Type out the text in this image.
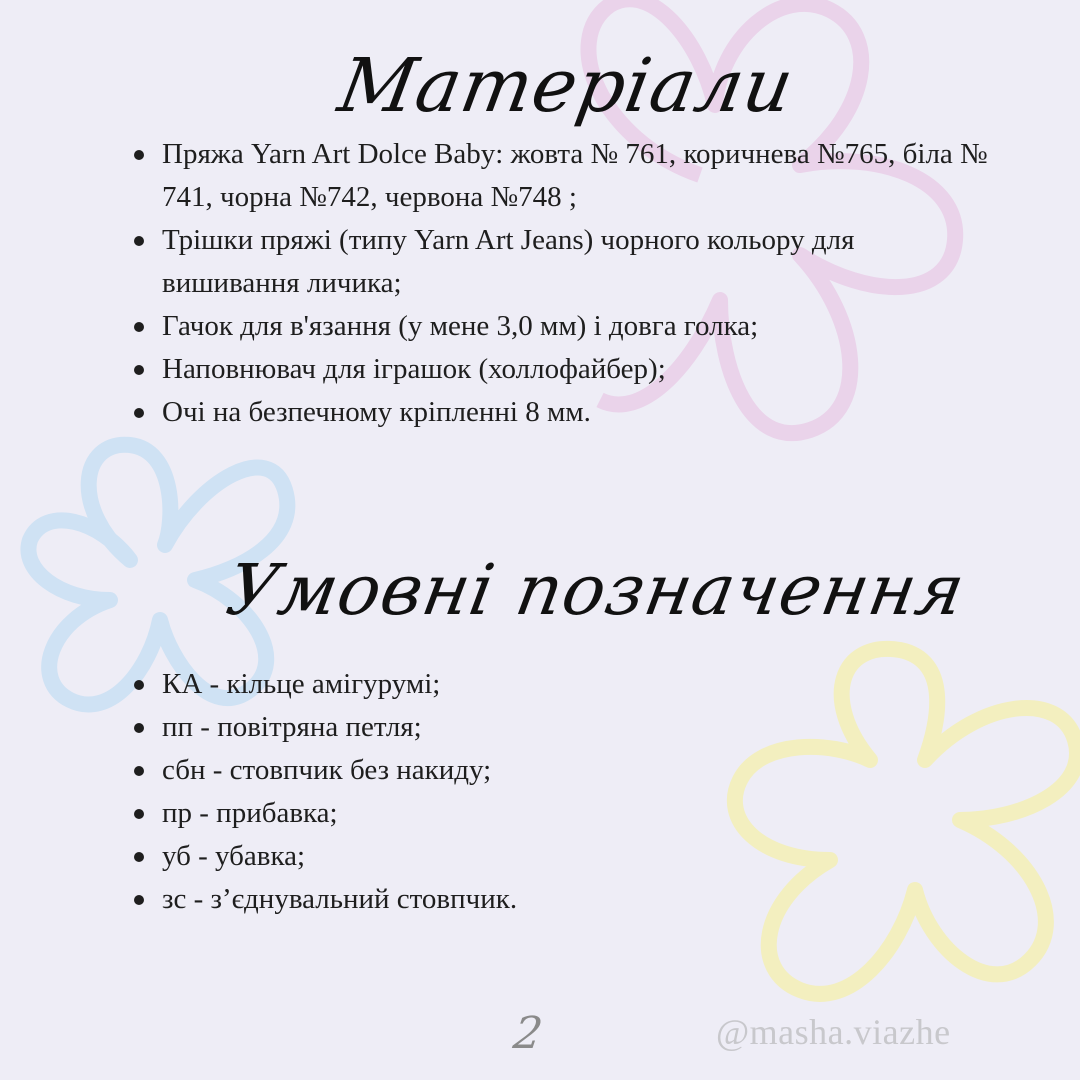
Матеріали
Пряжа Yarn Art Dolce Baby: жовта № 761, коричнева №765, біла № 741, чорна №742, червона №748 ;
Трішки пряжі (типу Yarn Art Jeans) чорного кольору для вишивання личика;
Гачок для в'язання (у мене 3,0 мм) і довга голка;
Наповнювач для іграшок (холлофайбер);
Очі на безпечному кріпленні 8 мм.
Умовні позначення
КА - кільце амігурумі;
пп - повітряна петля;
сбн - стовпчик без накиду;
пр - прибавка;
уб - убавка;
зс - з’єднувальний стовпчик.
2	@masha.viazhe
